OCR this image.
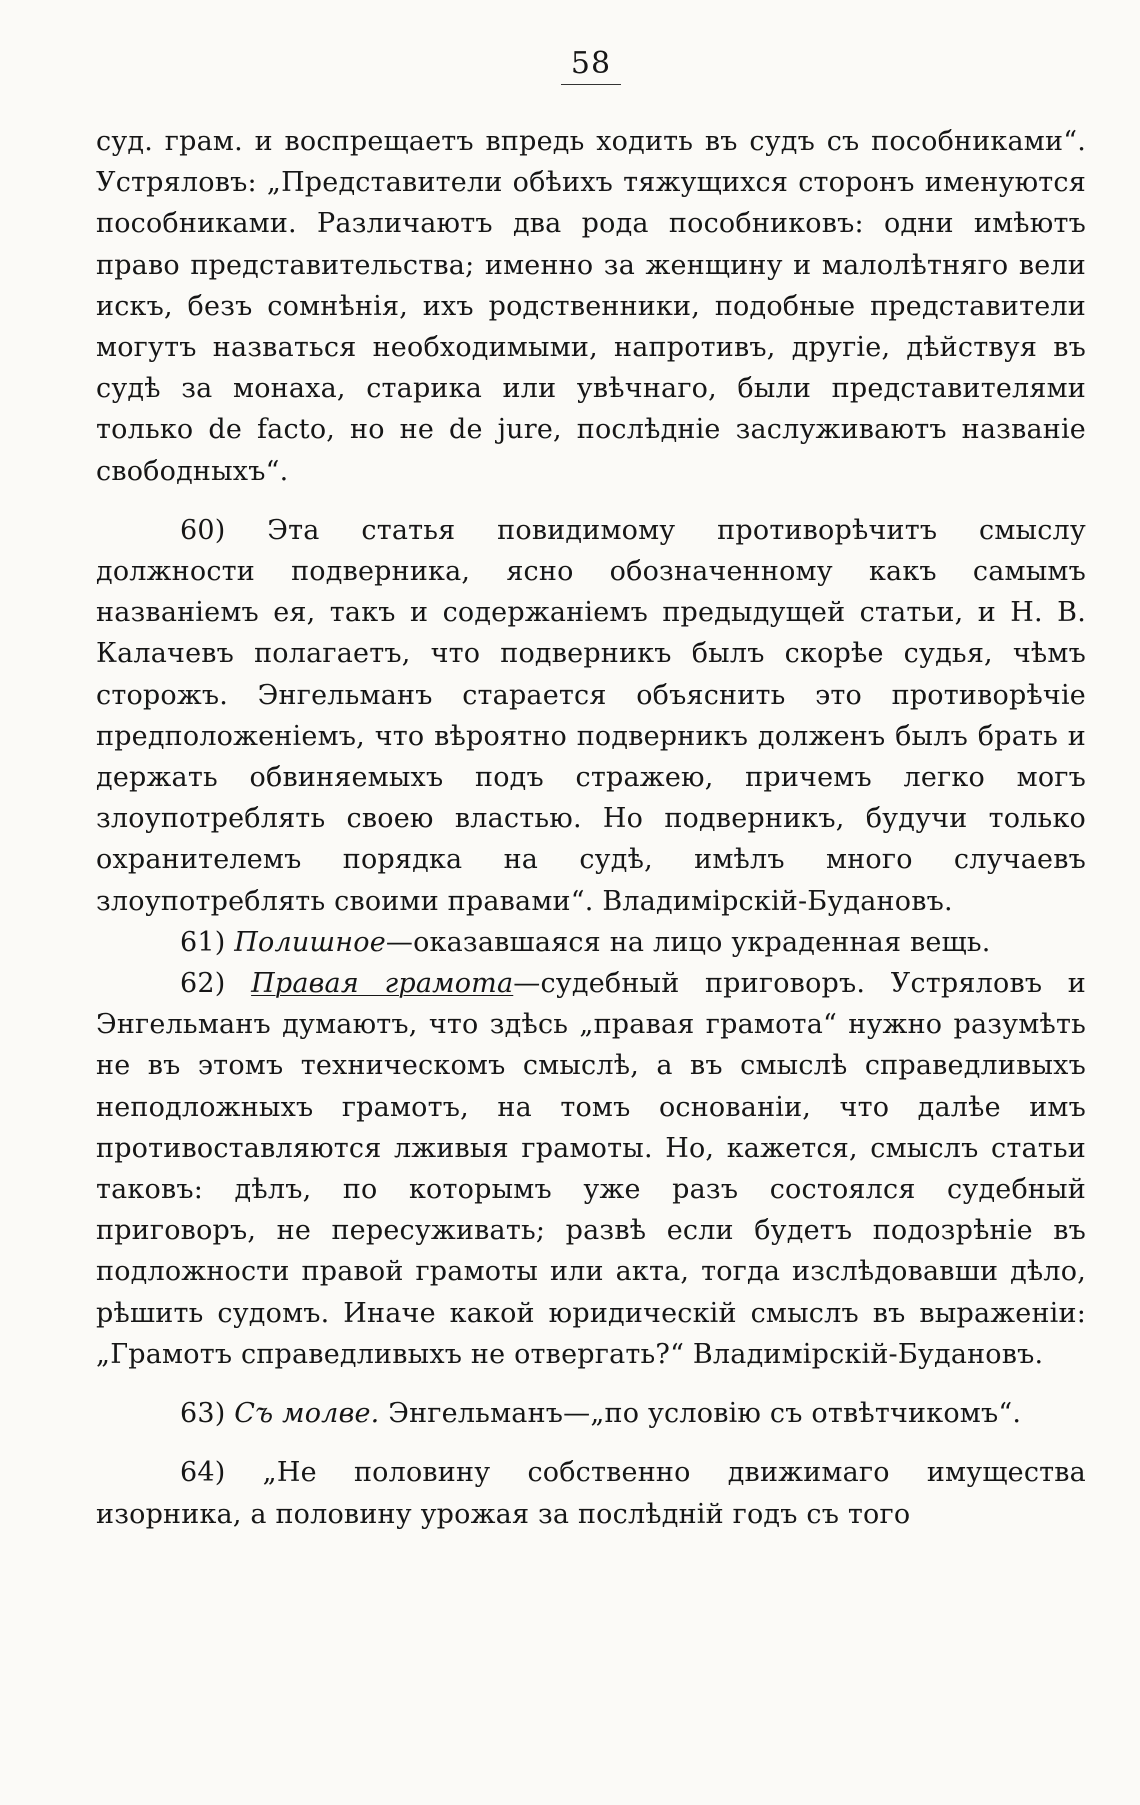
58

суд. грам. и воспрещаетъ впредь ходить въ судъ съ пособниками“. Устряловъ: „Представители обѣихъ тяжущихся сторонъ именуются пособниками. Различаютъ два рода пособниковъ: одни имѣютъ право представительства; именно за женщину и малолѣтняго вели искъ, безъ сомнѣнія, ихъ родственники, подобные представители могутъ назваться необходимыми, напротивъ, другіе, дѣйствуя въ судѣ за монаха, старика или увѣчнаго, были представителями только de facto, но не de jure, послѣдніе заслуживаютъ названіе свободныхъ“.

60) Эта статья повидимому противорѣчитъ смыслу должности подверника, ясно обозначенному какъ самымъ названіемъ ея, такъ и содержаніемъ предыдущей статьи, и Н. В. Калачевъ полагаетъ, что подверникъ былъ скорѣе судья, чѣмъ сторожъ. Энгельманъ старается объяснить это противорѣчіе предположеніемъ, что вѣроятно подверникъ долженъ былъ брать и держать обвиняемыхъ подъ стражею, причемъ легко могъ злоупотреблять своею властью. Но подверникъ, будучи только охранителемъ порядка на судѣ, имѣлъ много случаевъ злоупотреблять своими правами“. Владимірскій-Будановъ.

61) Полишное—оказавшаяся на лицо украденная вещь.

62) Правая грамота—судебный приговоръ. Устряловъ и Энгельманъ думаютъ, что здѣсь „правая грамота“ нужно разумѣть не въ этомъ техническомъ смыслѣ, а въ смыслѣ справедливыхъ неподложныхъ грамотъ, на томъ основаніи, что далѣе имъ противоставляются лживыя грамоты. Но, кажется, смыслъ статьи таковъ: дѣлъ, по которымъ уже разъ состоялся судебный приговоръ, не пересуживать; развѣ если будетъ подозрѣніе въ подложности правой грамоты или акта, тогда изслѣдовавши дѣло, рѣшить судомъ. Иначе какой юридическій смыслъ въ выраженіи: „Грамотъ справедливыхъ не отвергать?“ Владимірскій-Будановъ.

63) Съ молве. Энгельманъ—„по условію съ отвѣтчикомъ“.

64) „Не половину собственно движимаго имущества изорника, а половину урожая за послѣдній годъ съ того
